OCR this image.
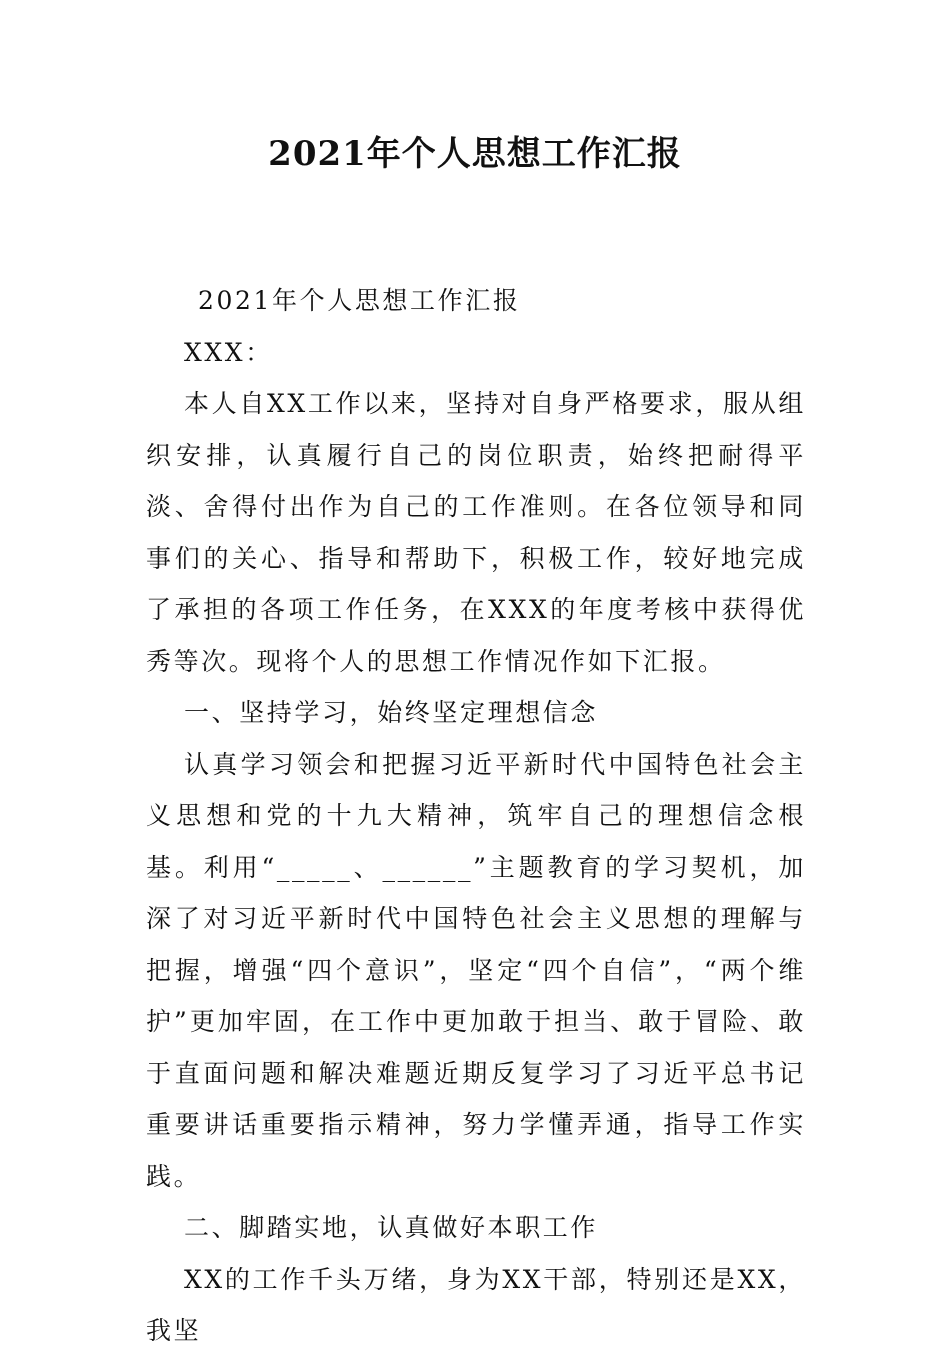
2021年个人思想工作汇报

2021年个人思想工作汇报

XXX：

本人自XX工作以来，坚持对自身严格要求，服从组织安排，认真履行自己的岗位职责，始终把耐得平淡、舍得付出作为自己的工作准则。在各位领导和同事们的关心、指导和帮助下，积极工作，较好地完成了承担的各项工作任务，在XXX的年度考核中获得优秀等次。现将个人的思想工作情况作如下汇报。

一、坚持学习，始终坚定理想信念

认真学习领会和把握习近平新时代中国特色社会主义思想和党的十九大精神，筑牢自己的理想信念根基。利用“_____、______”主题教育的学习契机，加深了对习近平新时代中国特色社会主义思想的理解与把握，增强“四个意识”，坚定“四个自信”，“两个维护”更加牢固，在工作中更加敢于担当、敢于冒险、敢于直面问题和解决难题近期反复学习了习近平总书记重要讲话重要指示精神，努力学懂弄通，指导工作实践。

二、脚踏实地，认真做好本职工作

XX的工作千头万绪，身为XX干部，特别还是XX，我坚
